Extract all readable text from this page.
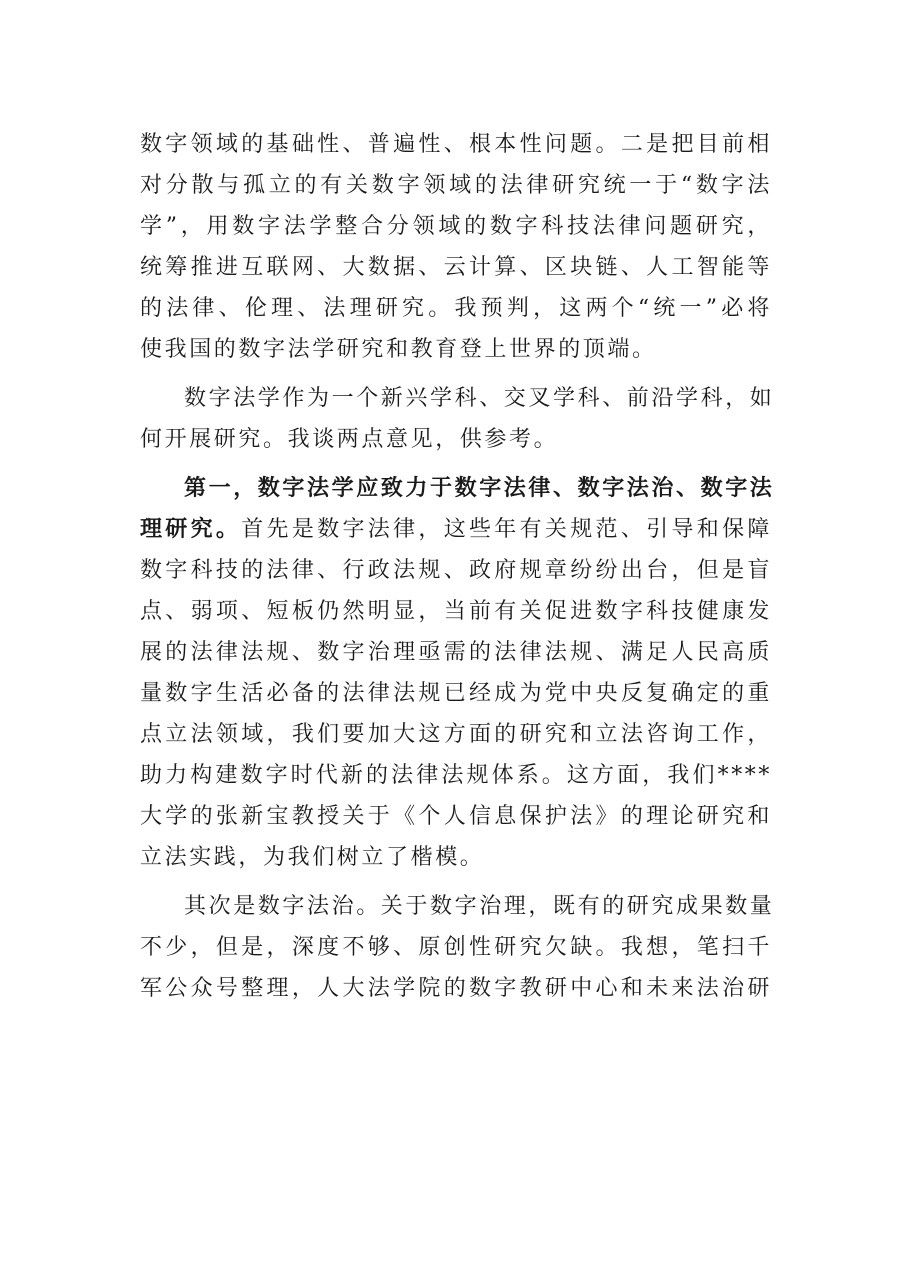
数字领域的基础性、普遍性、根本性问题。二是把目前相
对分散与孤立的有关数字领域的法律研究统一于“数字法
学”，用数字法学整合分领域的数字科技法律问题研究，
统筹推进互联网、大数据、云计算、区块链、人工智能等
的法律、伦理、法理研究。我预判，这两个“统一”必将
使我国的数字法学研究和教育登上世界的顶端。
数字法学作为一个新兴学科、交叉学科、前沿学科，如
何开展研究。我谈两点意见，供参考。
第一，数字法学应致力于数字法律、数字法治、数字法
理研究。首先是数字法律，这些年有关规范、引导和保障
数字科技的法律、行政法规、政府规章纷纷出台，但是盲
点、弱项、短板仍然明显，当前有关促进数字科技健康发
展的法律法规、数字治理亟需的法律法规、满足人民高质
量数字生活必备的法律法规已经成为党中央反复确定的重
点立法领域，我们要加大这方面的研究和立法咨询工作，
助力构建数字时代新的法律法规体系。这方面，我们****
大学的张新宝教授关于《个人信息保护法》的理论研究和
立法实践，为我们树立了楷模。
其次是数字法治。关于数字治理，既有的研究成果数量
不少，但是，深度不够、原创性研究欠缺。我想，笔扫千
军公众号整理，人大法学院的数字教研中心和未来法治研
